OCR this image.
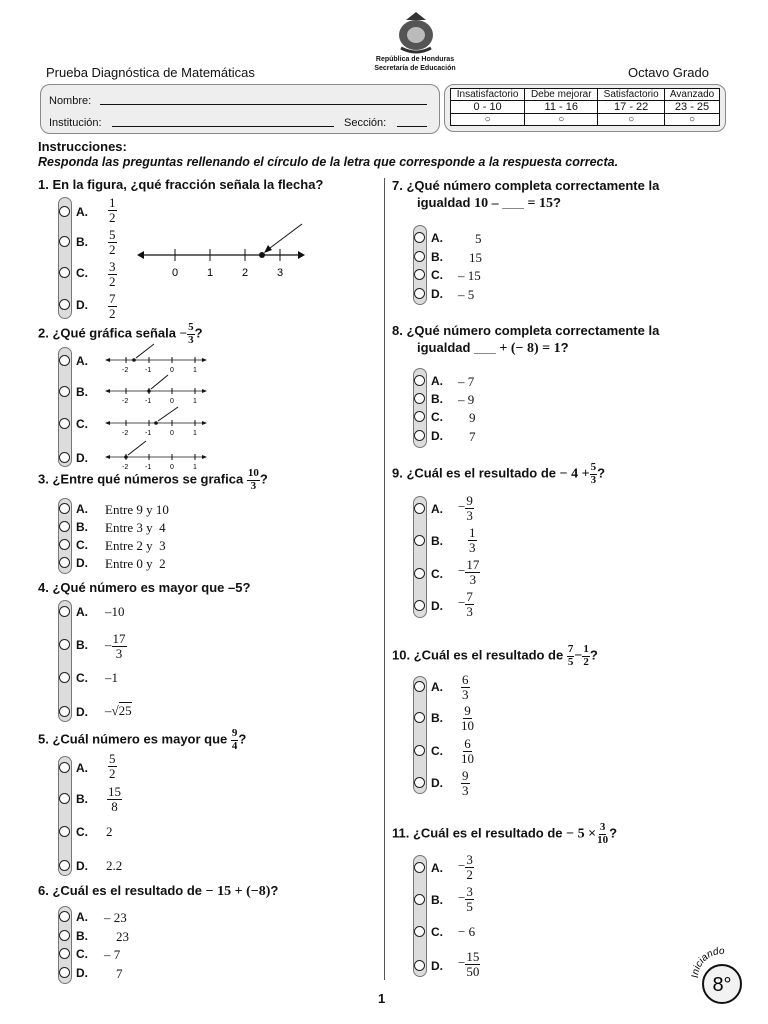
República de Honduras
Secretaría de Educación
Prueba Diagnóstica de Matemáticas	Octavo Grado
Nombre:
Institución:	Sección:
Insatisfactorio	Debe mejorar	Satisfactorio	Avanzado
0 - 10	11 - 16	17 - 22	23 - 25
○	○	○	○
Instrucciones:
Responda las preguntas rellenando el círculo de la letra que corresponde a la respuesta correcta.
1. En la figura, ¿qué fracción señala la flecha?
A. $\frac{1}{2}$
B. $\frac{5}{2}$
C. $\frac{3}{2}$
D. $\frac{7}{2}$
0	1	2	3
2. ¿Qué gráfica señala − $\frac{5}{3}$ ?
A.
B.
C.
D.
-2 -1	0	1
-2 -1	0	1
-2 -1	0	1
-2 -1	0	1
3. ¿Entre qué números se grafica $\frac{10}{3}$ ?
A. Entre 9 y 10
B. Entre 3 y  4
C. Entre 2 y  3
D. Entre 0 y  2
4. ¿Qué número es mayor que –5?
A. –10
B. – $\frac{17}{3}$
C. –1
D. –√25
5. ¿Cuál número es mayor que $\frac{9}{4}$ ?
A. $\frac{5}{2}$
B. $\frac{15}{8}$
C. 2
D. 2.2
6. ¿Cuál es el resultado de − 15 + (−8)?
A. – 23
B. 23
C. – 7
D. 7
7. ¿Qué número completa correctamente la
igualdad 10 – ___ = 15?
A. 5
B. 15
C. – 15
D. – 5
8. ¿Qué número completa correctamente la
igualdad ___ + (− 8) = 1?
A. – 7
B. – 9
C. 9
D. 7
9. ¿Cuál es el resultado de − $4 + \frac{5}{3}$ ?
A. − $\frac{9}{3}$
B. $\frac{1}{3}$
C. − $\frac{17}{3}$
D. − $\frac{7}{3}$
10. ¿Cuál es el resultado de $\frac{7}{5} - \frac{1}{2}$ ?
A. $\frac{6}{3}$
B. $\frac{9}{10}$
C. $\frac{6}{10}$
D. $\frac{9}{3}$
11. ¿Cuál es el resultado de − $5 \times \frac{3}{10}$ ?
A. − $\frac{3}{2}$
B. − $\frac{3}{5}$
C. − 6
D. − $\frac{15}{50}$	Iniciando
8°
1
